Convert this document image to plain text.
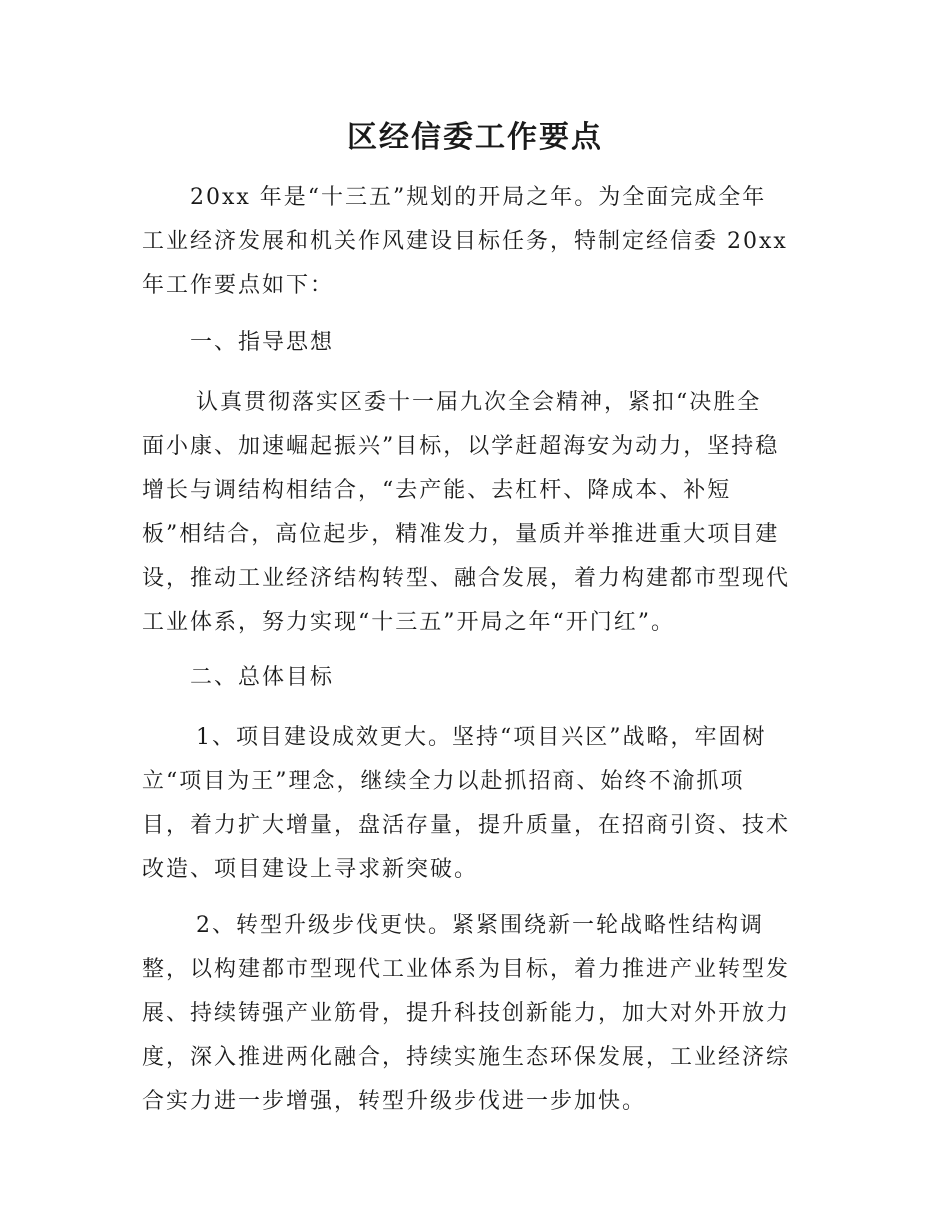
区经信委工作要点
20xx 年是“十三五”规划的开局之年。为全面完成全年
工业经济发展和机关作风建设目标任务，特制定经信委 20xx
年工作要点如下：
一、指导思想
认真贯彻落实区委十一届九次全会精神，紧扣“决胜全
面小康、加速崛起振兴”目标，以学赶超海安为动力，坚持稳
增长与调结构相结合，“去产能、去杠杆、降成本、补短
板”相结合，高位起步，精准发力，量质并举推进重大项目建
设，推动工业经济结构转型、融合发展，着力构建都市型现代
工业体系，努力实现“十三五”开局之年“开门红”。
二、总体目标
1、项目建设成效更大。坚持“项目兴区”战略，牢固树
立“项目为王”理念，继续全力以赴抓招商、始终不渝抓项
目，着力扩大增量，盘活存量，提升质量，在招商引资、技术
改造、项目建设上寻求新突破。
2、转型升级步伐更快。紧紧围绕新一轮战略性结构调
整，以构建都市型现代工业体系为目标，着力推进产业转型发
展、持续铸强产业筋骨，提升科技创新能力，加大对外开放力
度，深入推进两化融合，持续实施生态环保发展，工业经济综
合实力进一步增强，转型升级步伐进一步加快。
